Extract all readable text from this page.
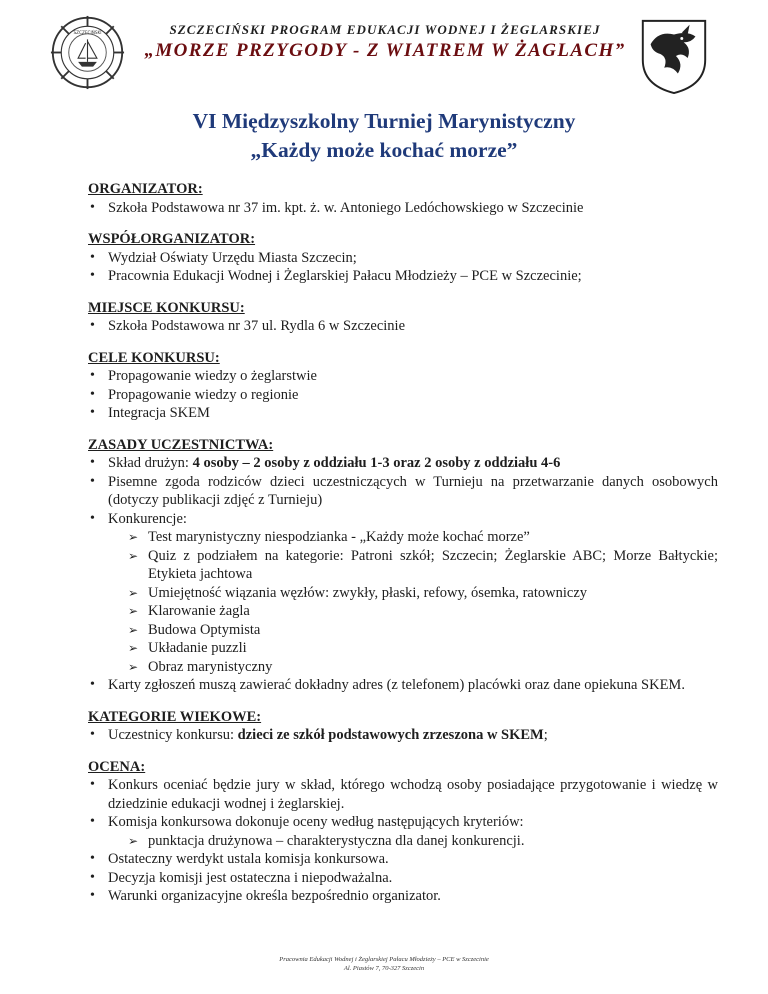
SZCZECIŃSKI	SZCZECIŃSKI PROGRAM EDUKACJI WODNEJ I ŻEGLARSKIEJ
„MORZE PRZYGODY - Z WIATREM W ŻAGLACH”
VI Międzyszkolny Turniej Marynistyczny
„Każdy może kochać morze”
ORGANIZATOR:
• Szkoła Podstawowa nr 37 im. kpt. ż. w. Antoniego Ledóchowskiego w Szczecinie
WSPÓŁORGANIZATOR:
• Wydział Oświaty Urzędu Miasta Szczecin;
• Pracownia Edukacji Wodnej i Żeglarskiej Pałacu Młodzieży – PCE w Szczecinie;
MIEJSCE KONKURSU:
• Szkoła Podstawowa nr 37 ul. Rydla 6 w Szczecinie
CELE KONKURSU:
• Propagowanie wiedzy o żeglarstwie
• Propagowanie wiedzy o regionie
• Integracja SKEM
ZASADY UCZESTNICTWA:
• Skład drużyn: 4 osoby – 2 osoby z oddziału 1-3 oraz 2 osoby z oddziału 4-6
• Pisemne zgoda rodziców dzieci uczestniczących w Turnieju na przetwarzanie danych osobowych (dotyczy publikacji zdjęć z Turnieju)
• Konkurencje:
➢ Test marynistyczny niespodzianka - „Każdy może kochać morze”
➢ Quiz z podziałem na kategorie: Patroni szkół; Szczecin; Żeglarskie ABC; Morze Bałtyckie; Etykieta jachtowa
➢ Umiejętność wiązania węzłów: zwykły, płaski, refowy, ósemka, ratowniczy
➢ Klarowanie żagla
➢ Budowa Optymista
➢ Układanie puzzli
➢ Obraz marynistyczny
• Karty zgłoszeń muszą zawierać dokładny adres (z telefonem) placówki oraz dane opiekuna SKEM.
KATEGORIE WIEKOWE:
• Uczestnicy konkursu: dzieci ze szkół podstawowych zrzeszona w SKEM;
OCENA:
• Konkurs oceniać będzie jury w skład, którego wchodzą osoby posiadające przygotowanie i wiedzę w dziedzinie edukacji wodnej i żeglarskiej.
• Komisja konkursowa dokonuje oceny według następujących kryteriów:
➢ punktacja drużynowa – charakterystyczna dla danej konkurencji.
• Ostateczny werdykt ustala komisja konkursowa.
• Decyzja komisji jest ostateczna i niepodważalna.
• Warunki organizacyjne określa bezpośrednio organizator.
Pracownia Edukacji Wodnej i Żeglarskiej Pałacu Młodzieży – PCE w Szczecinie
Al. Piastów 7, 70-327 Szczecin
